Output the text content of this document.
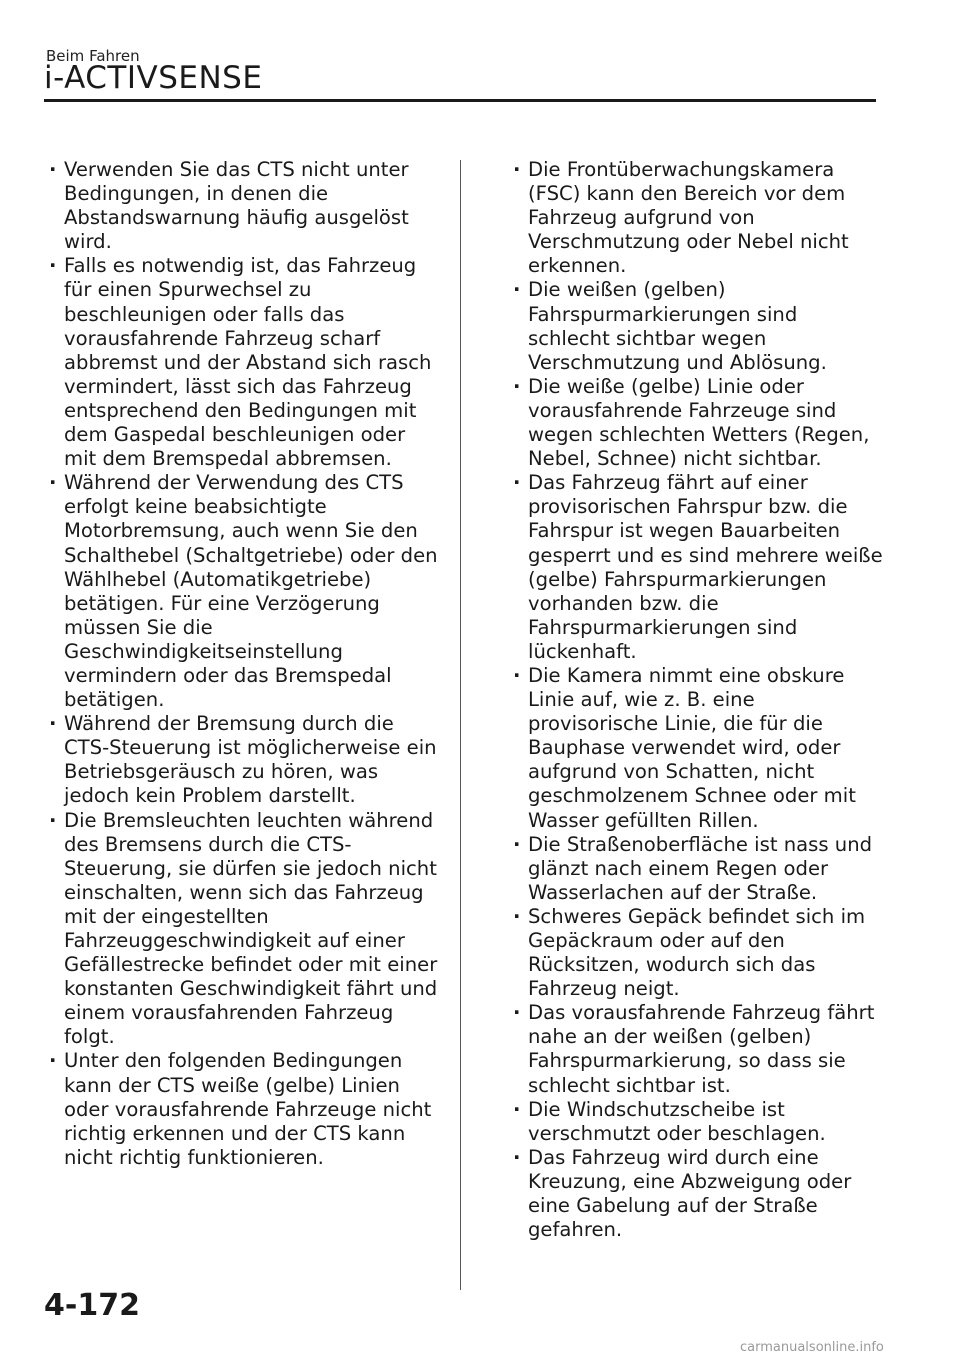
Beim Fahren
i-ACTIVSENSE
· Verwenden Sie das CTS nicht unter Bedingungen, in denen die Abstandswarnung häufig ausgelöst wird.
· Falls es notwendig ist, das Fahrzeug für einen Spurwechsel zu beschleunigen oder falls das vorausfahrende Fahrzeug scharf abbremst und der Abstand sich rasch vermindert, lässt sich das Fahrzeug entsprechend den Bedingungen mit dem Gaspedal beschleunigen oder mit dem Bremspedal abbremsen.
· Während der Verwendung des CTS erfolgt keine beabsichtigte Motorbremsung, auch wenn Sie den Schalthebel (Schaltgetriebe) oder den Wählhebel (Automatikgetriebe) betätigen. Für eine Verzögerung müssen Sie die Geschwindigkeitseinstellung vermindern oder das Bremspedal betätigen.
· Während der Bremsung durch die CTS-Steuerung ist möglicherweise ein Betriebsgeräusch zu hören, was jedoch kein Problem darstellt.
· Die Bremsleuchten leuchten während des Bremsens durch die CTS-Steuerung, sie dürfen sie jedoch nicht einschalten, wenn sich das Fahrzeug mit der eingestellten Fahrzeuggeschwindigkeit auf einer Gefällestrecke befindet oder mit einer konstanten Geschwindigkeit fährt und einem vorausfahrenden Fahrzeug folgt.
· Unter den folgenden Bedingungen kann der CTS weiße (gelbe) Linien oder vorausfahrende Fahrzeuge nicht richtig erkennen und der CTS kann nicht richtig funktionieren.
· Die Frontüberwachungskamera (FSC) kann den Bereich vor dem Fahrzeug aufgrund von Verschmutzung oder Nebel nicht erkennen.
· Die weißen (gelben) Fahrspurmarkierungen sind schlecht sichtbar wegen Verschmutzung und Ablösung.
· Die weiße (gelbe) Linie oder vorausfahrende Fahrzeuge sind wegen schlechten Wetters (Regen, Nebel, Schnee) nicht sichtbar.
· Das Fahrzeug fährt auf einer provisorischen Fahrspur bzw. die Fahrspur ist wegen Bauarbeiten gesperrt und es sind mehrere weiße (gelbe) Fahrspurmarkierungen vorhanden bzw. die Fahrspurmarkierungen sind lückenhaft.
· Die Kamera nimmt eine obskure Linie auf, wie z. B. eine provisorische Linie, die für die Bauphase verwendet wird, oder aufgrund von Schatten, nicht geschmolzenem Schnee oder mit Wasser gefüllten Rillen.
· Die Straßenoberfläche ist nass und glänzt nach einem Regen oder Wasserlachen auf der Straße.
· Schweres Gepäck befindet sich im Gepäckraum oder auf den Rücksitzen, wodurch sich das Fahrzeug neigt.
· Das vorausfahrende Fahrzeug fährt nahe an der weißen (gelben) Fahrspurmarkierung, so dass sie schlecht sichtbar ist.
· Die Windschutzscheibe ist verschmutzt oder beschlagen.
· Das Fahrzeug wird durch eine Kreuzung, eine Abzweigung oder eine Gabelung auf der Straße gefahren.
4-172
carmanualsonline.info
